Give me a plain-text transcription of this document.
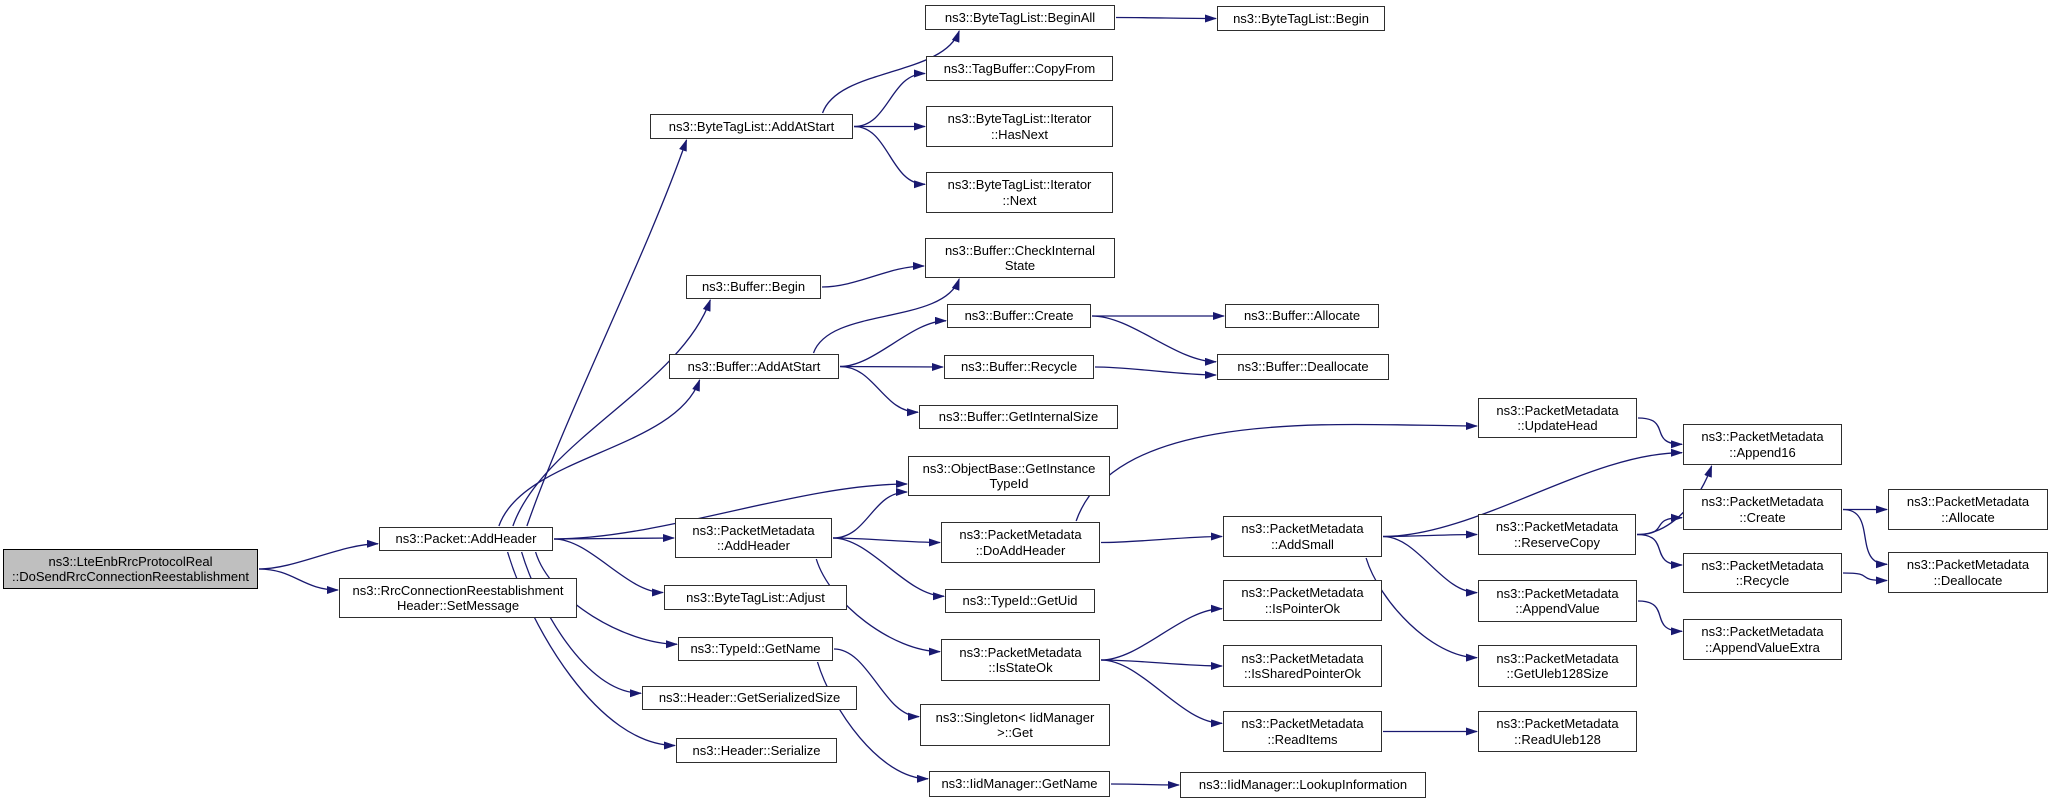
ns3::LteEnbRrcProtocolReal
::DoSendRrcConnectionReestablishment
ns3::Packet::AddHeader
ns3::RrcConnectionReestablishment
Header::SetMessage
ns3::ByteTagList::AddAtStart
ns3::ByteTagList::BeginAll	ns3::ByteTagList::Begin
ns3::TagBuffer::CopyFrom
ns3::ByteTagList::Iterator
::HasNext
ns3::ByteTagList::Iterator
::Next
ns3::Buffer::Begin
ns3::Buffer::CheckInternal
State
ns3::Buffer::AddAtStart
ns3::Buffer::Create	ns3::Buffer::Allocate
ns3::Buffer::Recycle	ns3::Buffer::Deallocate
ns3::Buffer::GetInternalSize
ns3::ObjectBase::GetInstance
TypeId
ns3::PacketMetadata
::AddHeader
ns3::PacketMetadata
::DoAddHeader
ns3::TypeId::GetUid
ns3::ByteTagList::Adjust
ns3::TypeId::GetName
ns3::Header::GetSerializedSize
ns3::Header::Serialize
ns3::PacketMetadata
::AddSmall
ns3::PacketMetadata
::UpdateHead
ns3::PacketMetadata
::ReserveCopy
ns3::PacketMetadata
::Append16
ns3::PacketMetadata
::Create
ns3::PacketMetadata
::Allocate
ns3::PacketMetadata
::Recycle
ns3::PacketMetadata
::Deallocate
ns3::PacketMetadata
::AppendValue
ns3::PacketMetadata
::AppendValueExtra
ns3::PacketMetadata
::GetUleb128Size
ns3::PacketMetadata
::IsPointerOk
ns3::PacketMetadata
::IsSharedPointerOk
ns3::PacketMetadata
::ReadItems
ns3::PacketMetadata
::ReadUleb128
ns3::PacketMetadata
::IsStateOk
ns3::Singleton< IidManager
>::Get
ns3::IidManager::GetName	ns3::IidManager::LookupInformation
